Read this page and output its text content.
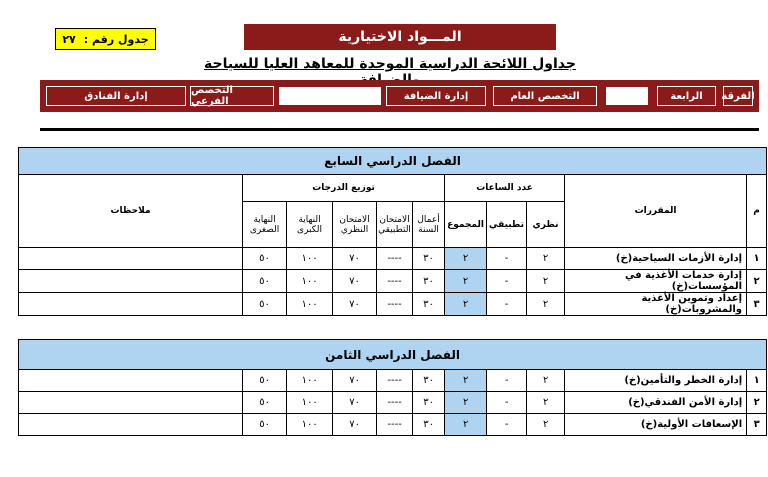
جدول رقم :
٢٧	المـــواد الاختيارية
جداول اللائحة الدراسية الموحدة للمعاهد العليا للسياحة
الفرقة
الرابعة
التخصص العام
إدارة الضيافة
التخصص الفرعي
إدارة الفنادق
الفصل الدراسي السابع										
م	المقررات	عدد الساعات			توزيع الدرجات					ملاحظات
		نظري	تطبيقي	المجموع	أعمال السنة	الامتحان التطبيقي	الامتحان النظري	النهاية الكبرى	النهاية الصغرى	
١	إدارة الأزمات السياحية(خ)	٢	-	٢	٣٠	----	٧٠	١٠٠	٥٠	
٢	إدارة خدمات الأغذية في المؤسسات(خ)	٢	-	٢	٣٠	----	٧٠	١٠٠	٥٠	
٣	إعداد وتموين الأغذية والمشروبات(خ)	٢	-	٢	٣٠	----	٧٠	١٠٠	٥٠	
الفصل الدراسي الثامن										
١	إدارة الخطر والتأمين(خ)	٢	-	٢	٣٠	----	٧٠	١٠٠	٥٠	
٢	إدارة الأمن الفندقي(خ)	٢	-	٢	٣٠	----	٧٠	١٠٠	٥٠	
٣	الإسعافات الأولية(خ)	٢	-	٢	٣٠	----	٧٠	١٠٠	٥٠	
